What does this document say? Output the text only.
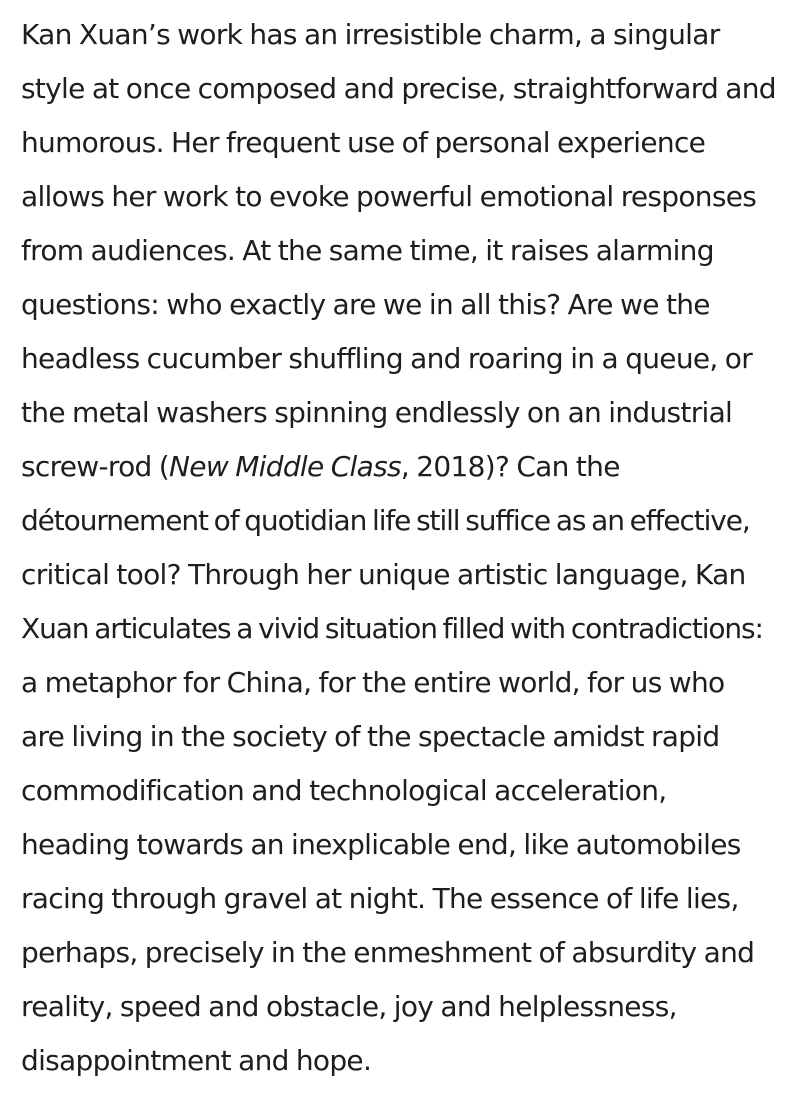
Kan Xuan’s work has an irresistible charm, a singular
style at once composed and precise, straightforward and
humorous. Her frequent use of personal experience
allows her work to evoke powerful emotional responses
from audiences. At the same time, it raises alarming
questions: who exactly are we in all this? Are we the
headless cucumber shuffling and roaring in a queue, or
the metal washers spinning endlessly on an industrial
screw-rod (New Middle Class, 2018)? Can the
détournement of quotidian life still suffice as an effective,
critical tool? Through her unique artistic language, Kan
Xuan articulates a vivid situation filled with contradictions:
a metaphor for China, for the entire world, for us who
are living in the society of the spectacle amidst rapid
commodification and technological acceleration,
heading towards an inexplicable end, like automobiles
racing through gravel at night. The essence of life lies,
perhaps, precisely in the enmeshment of absurdity and
reality, speed and obstacle, joy and helplessness,
disappointment and hope.
